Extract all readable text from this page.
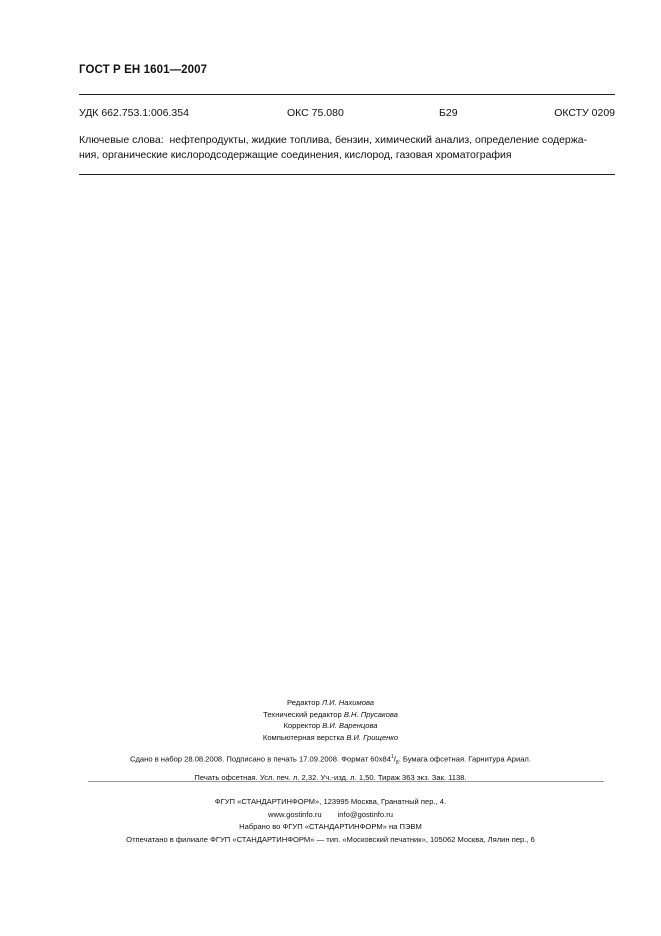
ГОСТ Р ЕН 1601—2007
УДК 662.753.1:006.354	ОКС 75.080	Б29	ОКСТУ 0209
Ключевые слова: нефтепродукты, жидкие топлива, бензин, химический анализ, определение содержа-
ния, органические кислородсодержащие соединения, кислород, газовая хроматография
Редактор Л.И. Нахимова
Технический редактор В.Н. Прусакова
Корректор В.И. Варенцова
Компьютерная верстка В.И. Грищенко
Сдано в набор 28.08.2008. Подписано в печать 17.09.2008. Формат $60х84^1/_8$. Бумага офсетная. Гарнитура Ариал.
Печать офсетная. Усл. печ. л. 2,32. Уч.-изд. л. 1,50. Тираж 363 экз. Зак. 1138.
ФГУП «СТАНДАРТИНФОРМ», 123995 Москва, Гранатный пер., 4.
www.gostinfo.ru info@gostinfo.ru
Набрано во ФГУП «СТАНДАРТИНФОРМ» на ПЭВМ
Отпечатано в филиале ФГУП «СТАНДАРТИНФОРМ» — тип. «Московский печатник», 105062 Москва, Лялин пер., 6
